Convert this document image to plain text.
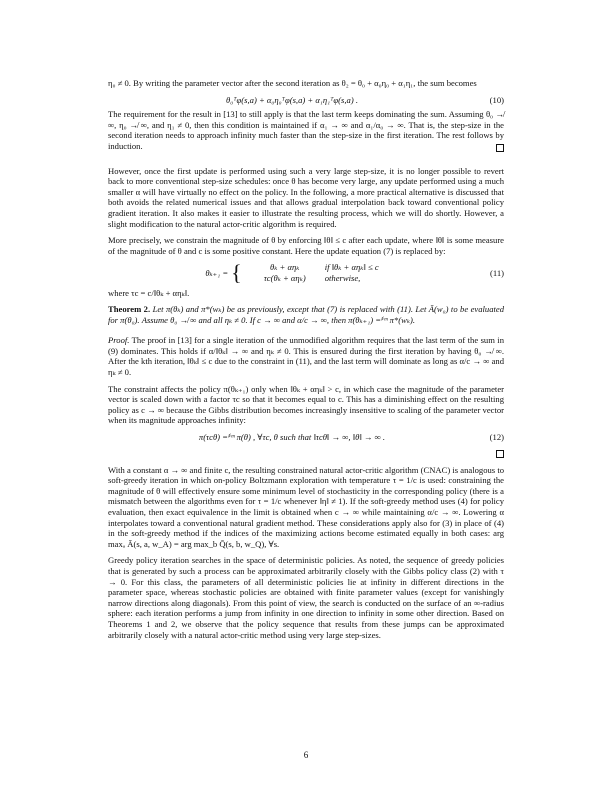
η₀ ≠ 0. By writing the parameter vector after the second iteration as θ₂ = θ₀ + α₀η₀ + α₁η₁, the sum becomes

θ₀ᵀφ(s,a) + α₀η₀ᵀφ(s,a) + α₁η₁ᵀφ(s,a) .	(10)

The requirement for the result in [13] to still apply is that the last term keeps dominating the sum. Assuming θ₀ ↛ ∞, η₀ ↛ ∞, and η₁ ≠ 0, then this condition is maintained if α₁ → ∞ and α₁/α₀ → ∞. That is, the step-size in the second iteration needs to approach infinity much faster than the step-size in the first iteration. The rest follows by induction.

However, once the first update is performed using such a very large step-size, it is no longer possible to revert back to more conventional step-size schedules: once θ has become very large, any update performed using a much smaller α will have virtually no effect on the policy. In the following, a more practical alternative is discussed that both avoids the related numerical issues and that allows gradual interpolation back toward conventional policy gradient iteration. It also makes it easier to illustrate the resulting process, which we will do shortly. However, a slight modification to the natural actor-critic algorithm is required.

More precisely, we constrain the magnitude of θ by enforcing ‖θ‖ ≤ c after each update, where ‖θ‖ is some measure of the magnitude of θ and c is some positive constant. Here the update equation (7) is replaced by:

θₖ₊₁ = {	θₖ + αηₖ	if ‖θₖ + αηₖ‖ ≤ c
τc(θₖ + αηₖ)	otherwise,
(11)

where τc = c/‖θₖ + αηₖ‖.

Theorem 2. Let π(θₖ) and π*(wₖ) be as previously, except that (7) is replaced with (11). Let Ā(w₀) to be evaluated for π(θ₀). Assume θ₀ ↛ ∞ and all ηₖ ≠ 0. If c → ∞ and α/c → ∞, then π(θₖ₊₁) =ˡⁱᵐ π*(wₖ).

Proof. The proof in [13] for a single iteration of the unmodified algorithm requires that the last term of the sum in (9) dominates. This holds if α/‖θₖ‖ → ∞ and ηₖ ≠ 0. This is ensured during the first iteration by having θ₀ ↛ ∞. After the kth iteration, ‖θₖ‖ ≤ c due to the constraint in (11), and the last term will dominate as long as α/c → ∞ and ηₖ ≠ 0.

The constraint affects the policy π(θₖ₊₁) only when ‖θₖ + αηₖ‖ > c, in which case the magnitude of the parameter vector is scaled down with a factor τc so that it becomes equal to c. This has a diminishing effect on the resulting policy as c → ∞ because the Gibbs distribution becomes increasingly insensitive to scaling of the parameter vector when its magnitude approaches infinity:

π(τcθ) =ˡⁱᵐ π(θ) , ∀τc, θ such that ‖τcθ‖ → ∞, ‖θ‖ → ∞ .	(12)

With a constant α → ∞ and finite c, the resulting constrained natural actor-critic algorithm (CNAC) is analogous to soft-greedy iteration in which on-policy Boltzmann exploration with temperature τ = 1/c is used: constraining the magnitude of θ will effectively ensure some minimum level of stochasticity in the corresponding policy (there is a mismatch between the algorithms even for τ = 1/c whenever ‖η‖ ≠ 1). If the soft-greedy method uses (4) for policy evaluation, then exact equivalence in the limit is obtained when c → ∞ while maintaining α/c → ∞. Lowering α interpolates toward a conventional natural gradient method. These considerations apply also for (3) in place of (4) in the soft-greedy method if the indices of the maximizing actions become estimated equally in both cases: arg maxₐ Ā(s, a, w_A) = arg max_b Q̄(s, b, w_Q), ∀s.

Greedy policy iteration searches in the space of deterministic policies. As noted, the sequence of greedy policies that is generated by such a process can be approximated arbitrarily closely with the Gibbs policy class (2) with τ → 0. For this class, the parameters of all deterministic policies lie at infinity in different directions in the parameter space, whereas stochastic policies are obtained with finite parameter values (except for vanishingly narrow directions along diagonals). From this point of view, the search is conducted on the surface of an ∞-radius sphere: each iteration performs a jump from infinity in one direction to infinity in some other direction. Based on Theorems 1 and 2, we observe that the policy sequence that results from these jumps can be approximated arbitrarily closely with a natural actor-critic method using very large step-sizes.

6
